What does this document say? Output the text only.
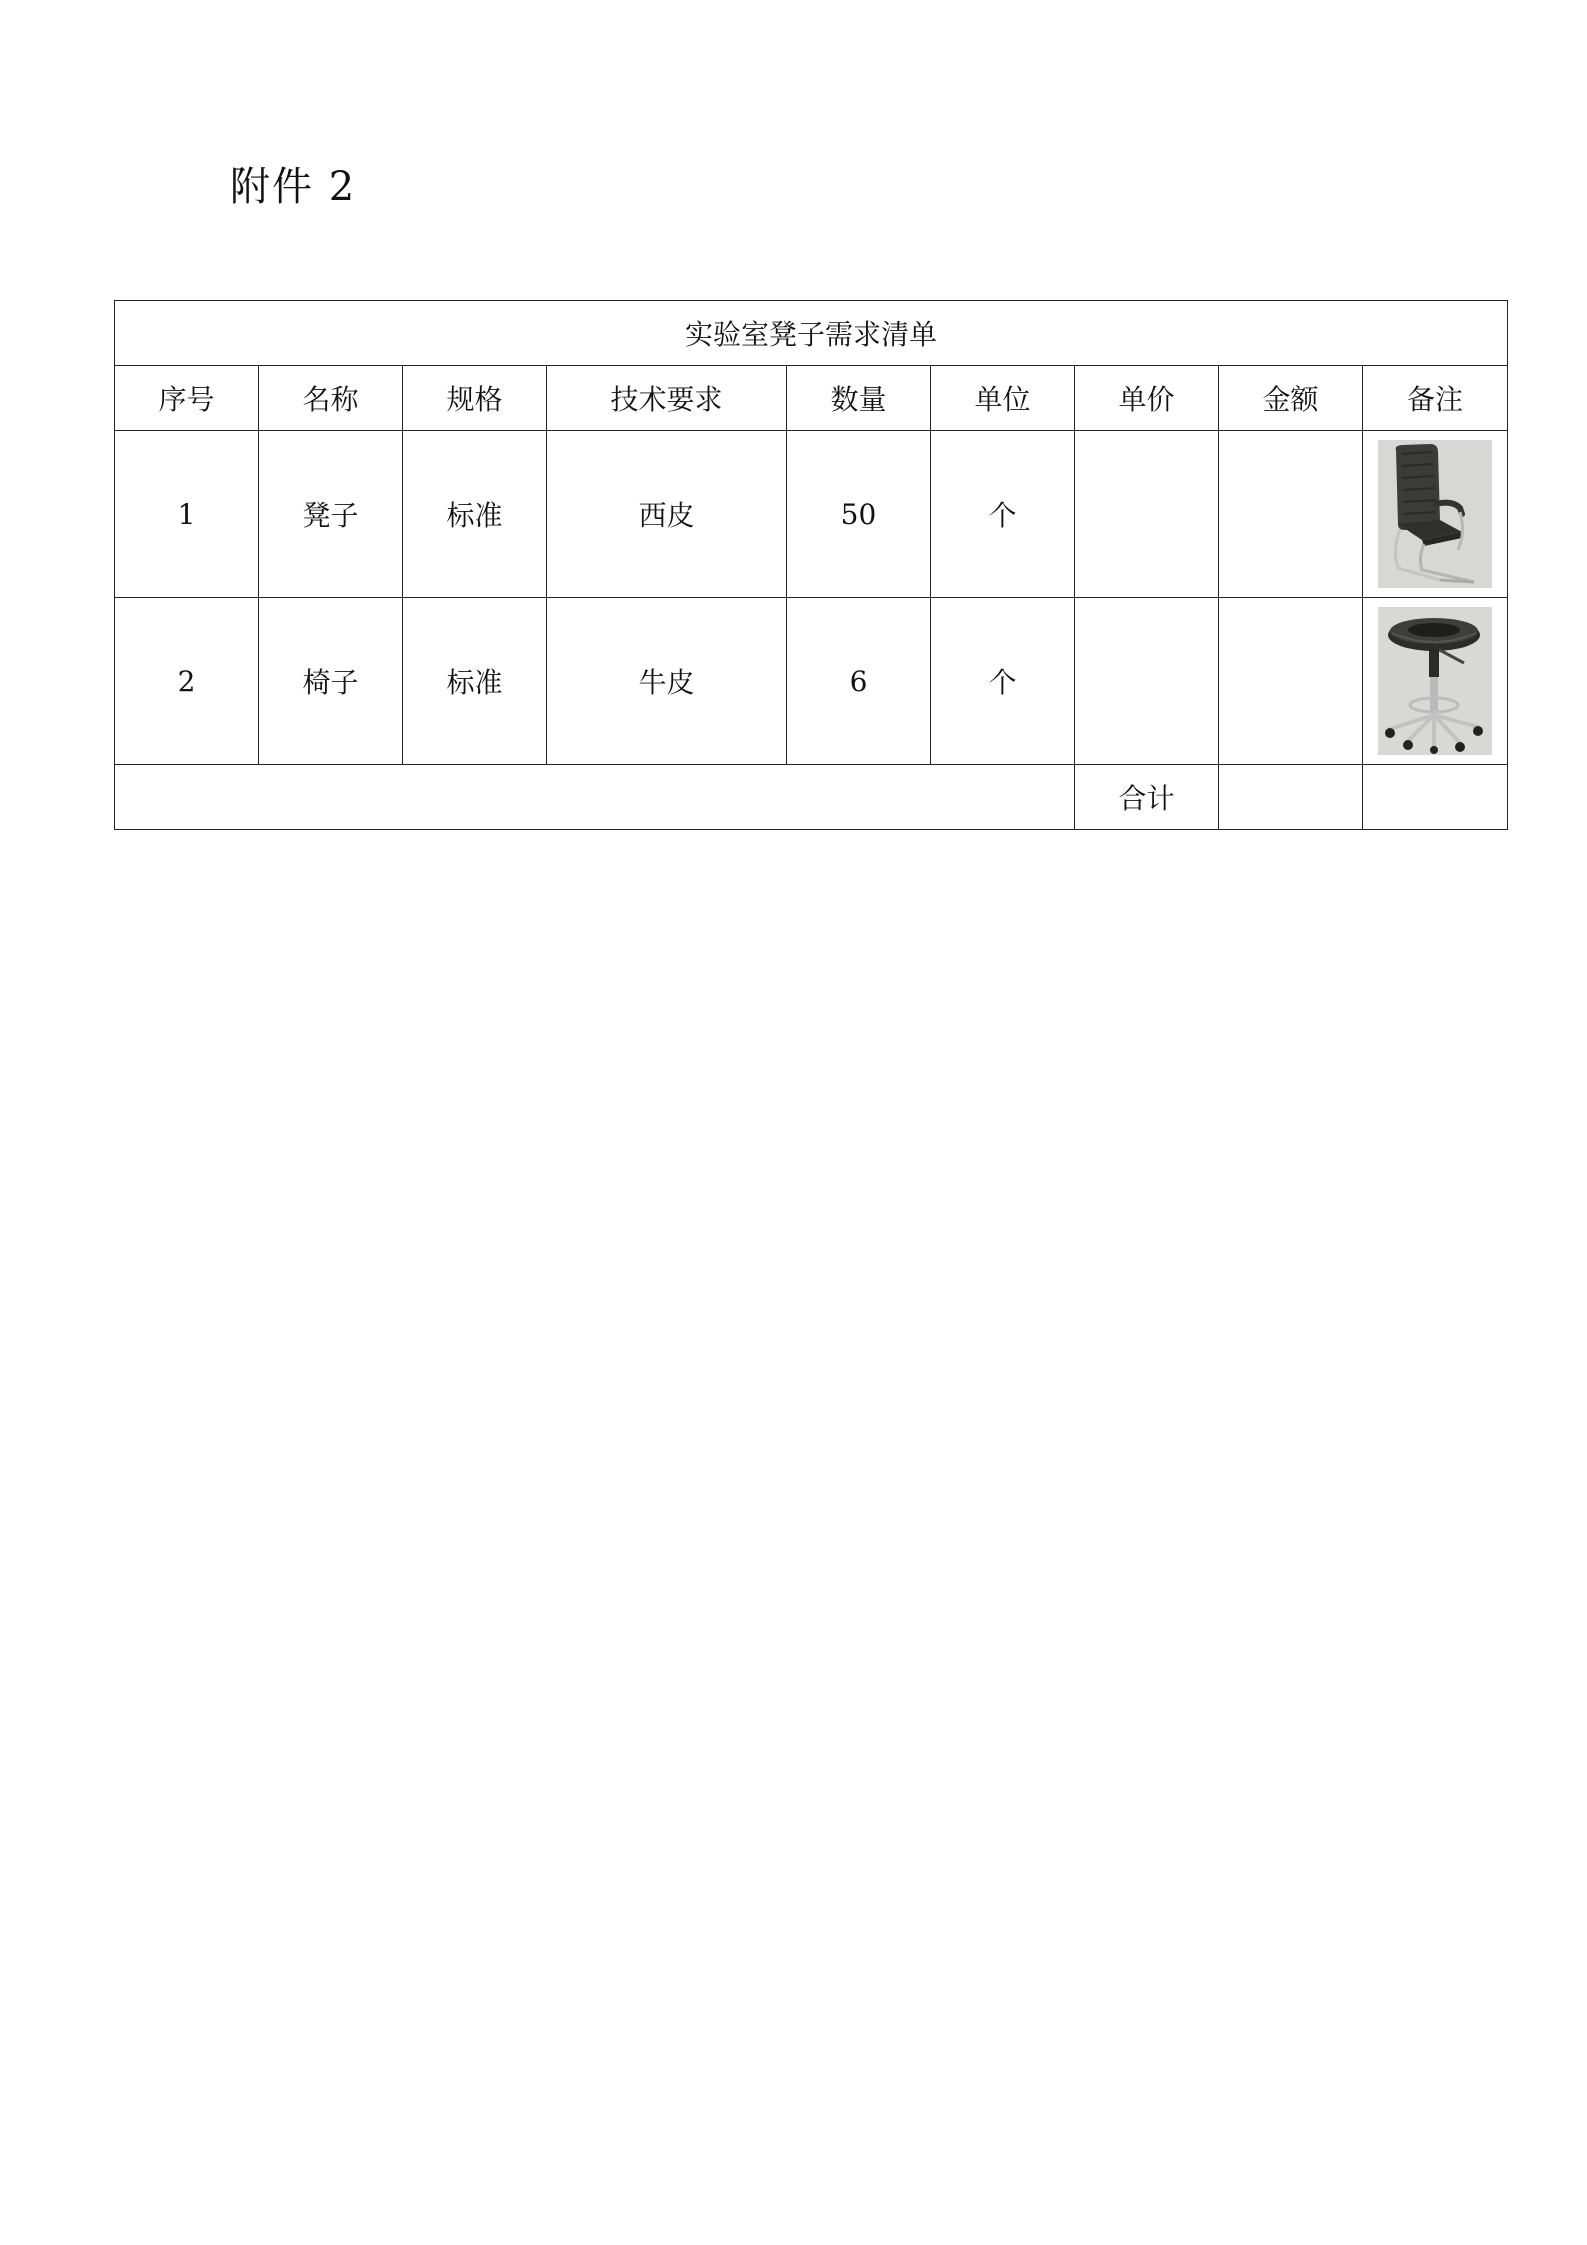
附件 2
实验室凳子需求清单								
序号	名称	规格	技术要求	数量	单位	单价	金额	备注
1	凳子	标准	西皮	50	个			

2	椅子	标准	牛皮	6	个			

						合计		
